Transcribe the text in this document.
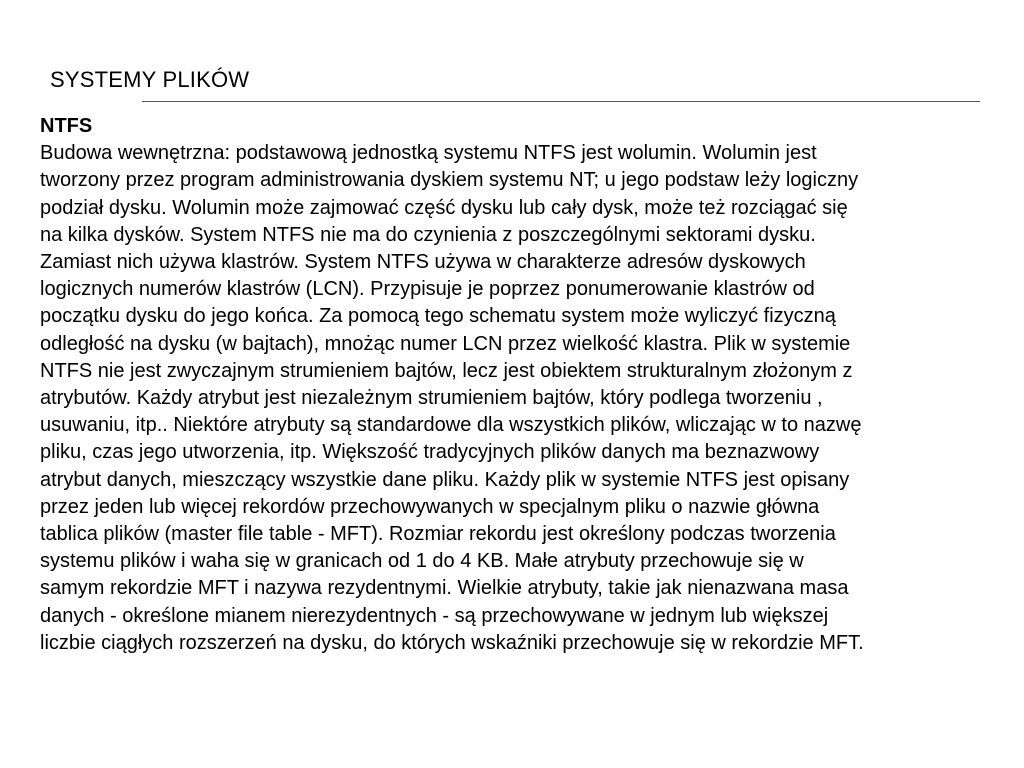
SYSTEMY PLIKÓW
NTFS
Budowa wewnętrzna: podstawową jednostką systemu NTFS jest wolumin. Wolumin jest
tworzony przez program administrowania dyskiem systemu NT; u jego podstaw leży logiczny
podział dysku. Wolumin może zajmować część dysku lub cały dysk, może też rozciągać się
na kilka dysków. System NTFS nie ma do czynienia z poszczególnymi sektorami dysku.
Zamiast nich używa klastrów. System NTFS używa w charakterze adresów dyskowych
logicznych numerów klastrów (LCN). Przypisuje je poprzez ponumerowanie klastrów od
początku dysku do jego końca. Za pomocą tego schematu system może wyliczyć fizyczną
odległość na dysku (w bajtach), mnożąc numer LCN przez wielkość klastra. Plik w systemie
NTFS nie jest zwyczajnym strumieniem bajtów, lecz jest obiektem strukturalnym złożonym z
atrybutów. Każdy atrybut jest niezależnym strumieniem bajtów, który podlega tworzeniu ,
usuwaniu, itp.. Niektóre atrybuty są standardowe dla wszystkich plików, wliczając w to nazwę
pliku, czas jego utworzenia, itp. Większość tradycyjnych plików danych ma beznazwowy
atrybut danych, mieszczący wszystkie dane pliku. Każdy plik w systemie NTFS jest opisany
przez jeden lub więcej rekordów przechowywanych w specjalnym pliku o nazwie główna
tablica plików (master file table - MFT). Rozmiar rekordu jest określony podczas tworzenia
systemu plików i waha się w granicach od 1 do 4 KB. Małe atrybuty przechowuje się w
samym rekordzie MFT i nazywa rezydentnymi. Wielkie atrybuty, takie jak nienazwana masa
danych - określone mianem nierezydentnych - są przechowywane w jednym lub większej
liczbie ciągłych rozszerzeń na dysku, do których wskaźniki przechowuje się w rekordzie MFT.
